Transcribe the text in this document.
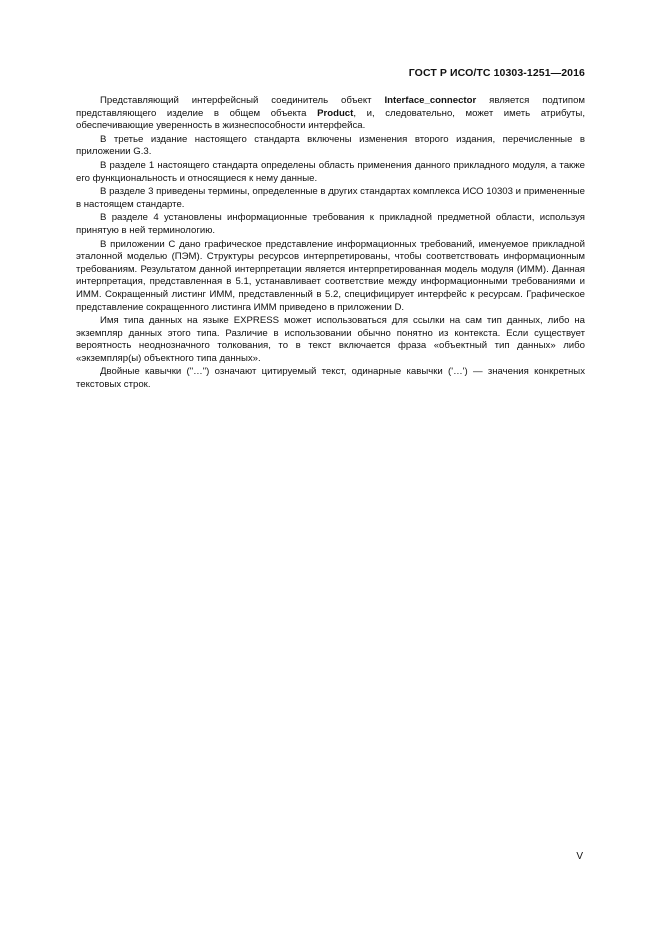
ГОСТ Р ИСО/ТС 10303-1251—2016

Представляющий интерфейсный соединитель объект Interface_connector является подтипом представляющего изделие в общем объекта Product, и, следовательно, может иметь атрибуты, обеспечивающие уверенность в жизнеспособности интерфейса.

В третье издание настоящего стандарта включены изменения второго издания, перечисленные в приложении G.3.

В разделе 1 настоящего стандарта определены область применения данного прикладного модуля, а также его функциональность и относящиеся к нему данные.

В разделе 3 приведены термины, определенные в других стандартах комплекса ИСО 10303 и примененные в настоящем стандарте.

В разделе 4 установлены информационные требования к прикладной предметной области, используя принятую в ней терминологию.

В приложении С дано графическое представление информационных требований, именуемое прикладной эталонной моделью (ПЭМ). Структуры ресурсов интерпретированы, чтобы соответствовать информационным требованиям. Результатом данной интерпретации является интерпретированная модель модуля (ИММ). Данная интерпретация, представленная в 5.1, устанавливает соответствие между информационными требованиями и ИММ. Сокращенный листинг ИММ, представленный в 5.2, специфицирует интерфейс к ресурсам. Графическое представление сокращенного листинга ИММ приведено в приложении D.

Имя типа данных на языке EXPRESS может использоваться для ссылки на сам тип данных, либо на экземпляр данных этого типа. Различие в использовании обычно понятно из контекста. Если существует вероятность неоднозначного толкования, то в текст включается фраза «объектный тип данных» либо «экземпляр(ы) объектного типа данных».

Двойные кавычки ("…") означают цитируемый текст, одинарные кавычки ('…') — значения конкретных текстовых строк.

V
